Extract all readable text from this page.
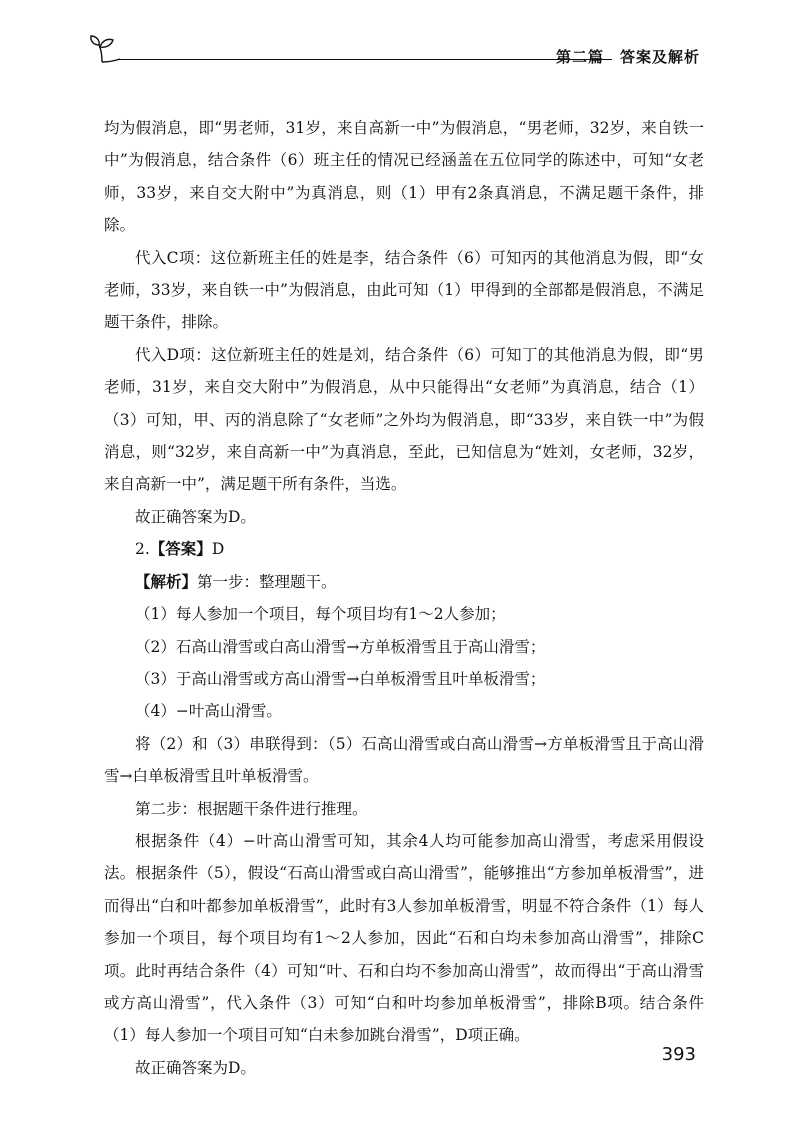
第二篇　答案及解析

均为假消息，即“男老师，31岁，来自高新一中”为假消息，“男老师，32岁，来自铁一中”为假消息，结合条件（6）班主任的情况已经涵盖在五位同学的陈述中，可知“女老师，33岁，来自交大附中”为真消息，则（1）甲有2条真消息，不满足题干条件，排除。

代入C项：这位新班主任的姓是李，结合条件（6）可知丙的其他消息为假，即“女老师，33岁，来自铁一中”为假消息，由此可知（1）甲得到的全部都是假消息，不满足题干条件，排除。

代入D项：这位新班主任的姓是刘，结合条件（6）可知丁的其他消息为假，即“男老师，31岁，来自交大附中”为假消息，从中只能得出“女老师”为真消息，结合（1）（3）可知，甲、丙的消息除了“女老师”之外均为假消息，即“33岁，来自铁一中”为假消息，则“32岁，来自高新一中”为真消息，至此，已知信息为“姓刘，女老师，32岁，来自高新一中”，满足题干所有条件，当选。

故正确答案为D。

2.【答案】D

【解析】第一步：整理题干。

（1）每人参加一个项目，每个项目均有1～2人参加；

（2）石高山滑雪或白高山滑雪→方单板滑雪且于高山滑雪；

（3）于高山滑雪或方高山滑雪→白单板滑雪且叶单板滑雪；

（4）−叶高山滑雪。

将（2）和（3）串联得到：（5）石高山滑雪或白高山滑雪→方单板滑雪且于高山滑雪→白单板滑雪且叶单板滑雪。

第二步：根据题干条件进行推理。

根据条件（4）−叶高山滑雪可知，其余4人均可能参加高山滑雪，考虑采用假设法。根据条件（5），假设“石高山滑雪或白高山滑雪”，能够推出“方参加单板滑雪”，进而得出“白和叶都参加单板滑雪”，此时有3人参加单板滑雪，明显不符合条件（1）每人参加一个项目，每个项目均有1～2人参加，因此“石和白均未参加高山滑雪”，排除C项。此时再结合条件（4）可知“叶、石和白均不参加高山滑雪”，故而得出“于高山滑雪或方高山滑雪”，代入条件（3）可知“白和叶均参加单板滑雪”，排除B项。结合条件（1）每人参加一个项目可知“白未参加跳台滑雪”，D项正确。

故正确答案为D。

393
